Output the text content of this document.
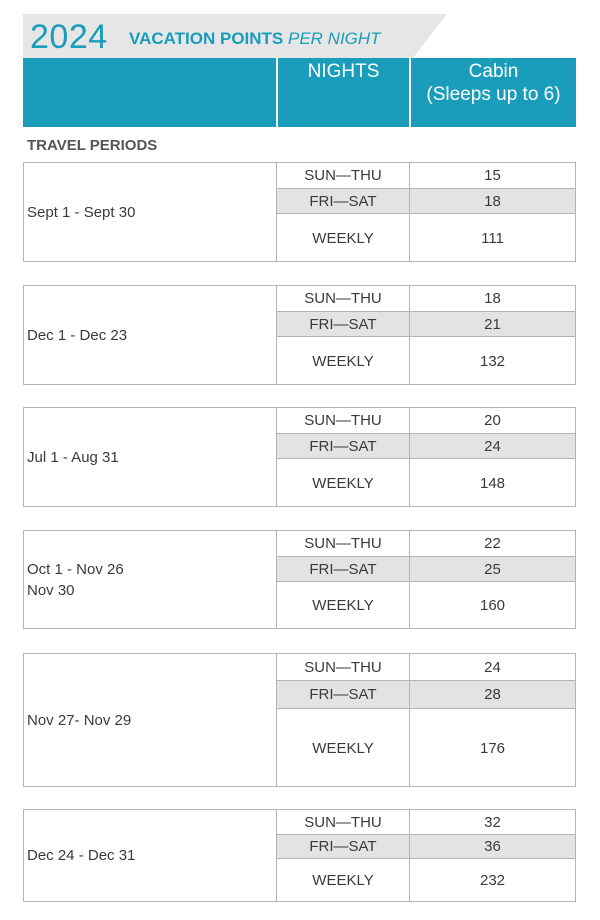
2024 VACATION POINTS PER NIGHT
NIGHTS	Cabin
(Sleeps up to 6)
TRAVEL PERIODS
Sept 1 - Sept 30
SUN—THU	15
FRI—SAT	18
WEEKLY	111
Dec 1 - Dec 23
SUN—THU	18
FRI—SAT	21
WEEKLY	132
Jul 1 - Aug 31
SUN—THU	20
FRI—SAT	24
WEEKLY	148
Oct 1 - Nov 26
Nov 30
SUN—THU	22
FRI—SAT	25
WEEKLY	160
Nov 27- Nov 29
SUN—THU	24
FRI—SAT	28
WEEKLY	176
Dec 24 - Dec 31
SUN—THU	32
FRI—SAT	36
WEEKLY	232
